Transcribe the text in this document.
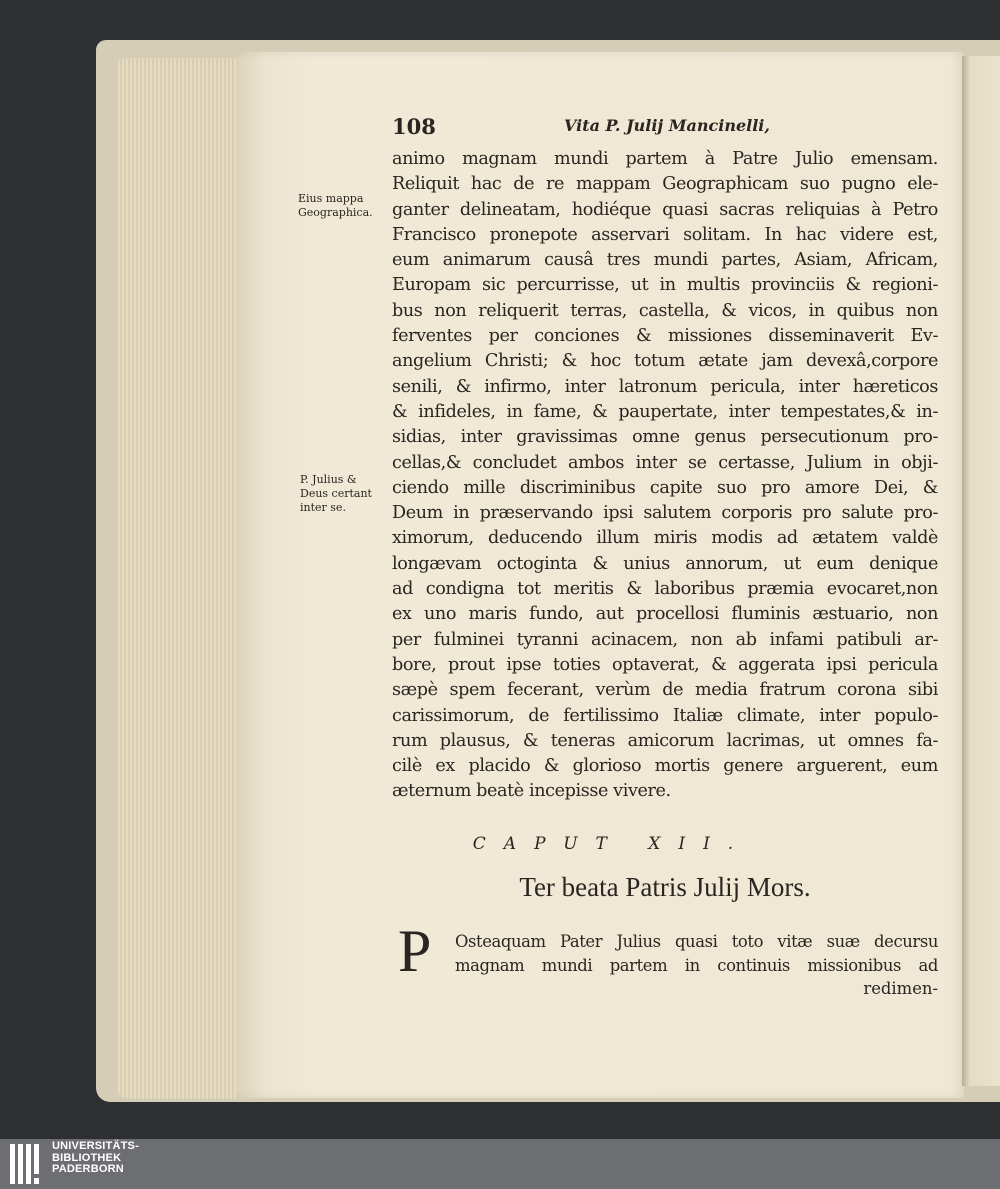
108	Vita P. Julij Mancinelli,
Eius mappa Geographica.
P. Julius & Deus certant inter se.
animo magnam mundi partem à Patre Julio emensam.
Reliquit hac de re mappam Geographicam suo pugno ele-
ganter delineatam, hodiéque quasi sacras reliquias à Petro
Francisco pronepote asservari solitam. In hac videre est,
eum animarum causâ tres mundi partes, Asiam, Africam,
Europam sic percurrisse, ut in multis provinciis & regioni-
bus non reliquerit terras, castella, & vicos, in quibus non
ferventes per conciones & missiones disseminaverit Ev-
angelium Christi; & hoc totum ætate jam devexâ,corpore
senili, & infirmo, inter latronum pericula, inter hæreticos
& infideles, in fame, & paupertate, inter tempestates,& in-
sidias, inter gravissimas omne genus persecutionum pro-
cellas,& concludet ambos inter se certasse, Julium in obji-
ciendo mille discriminibus capite suo pro amore Dei, &
Deum in præservando ipsi salutem corporis pro salute pro-
ximorum, deducendo illum miris modis ad ætatem valdè
longævam octoginta & unius annorum, ut eum denique
ad condigna tot meritis & laboribus præmia evocaret,non
ex uno maris fundo, aut procellosi fluminis æstuario, non
per fulminei tyranni acinacem, non ab infami patibuli ar-
bore, prout ipse toties optaverat, & aggerata ipsi pericula
sæpè spem fecerant, verùm de media fratrum corona sibi
carissimorum, de fertilissimo Italiæ climate, inter populo-
rum plausus, & teneras amicorum lacrimas, ut omnes fa-
cilè ex placido & glorioso mortis genere arguerent, eum
æternum beatè incepisse vivere.
CAPUT XII.
Ter beata Patris Julij Mors.
P Osteaquam Pater Julius quasi toto vitæ suæ decursu
magnam mundi partem in continuis missionibus ad
redimen-
UNIVERSITÄTS-
BIBLIOTHEK
PADERBORN
